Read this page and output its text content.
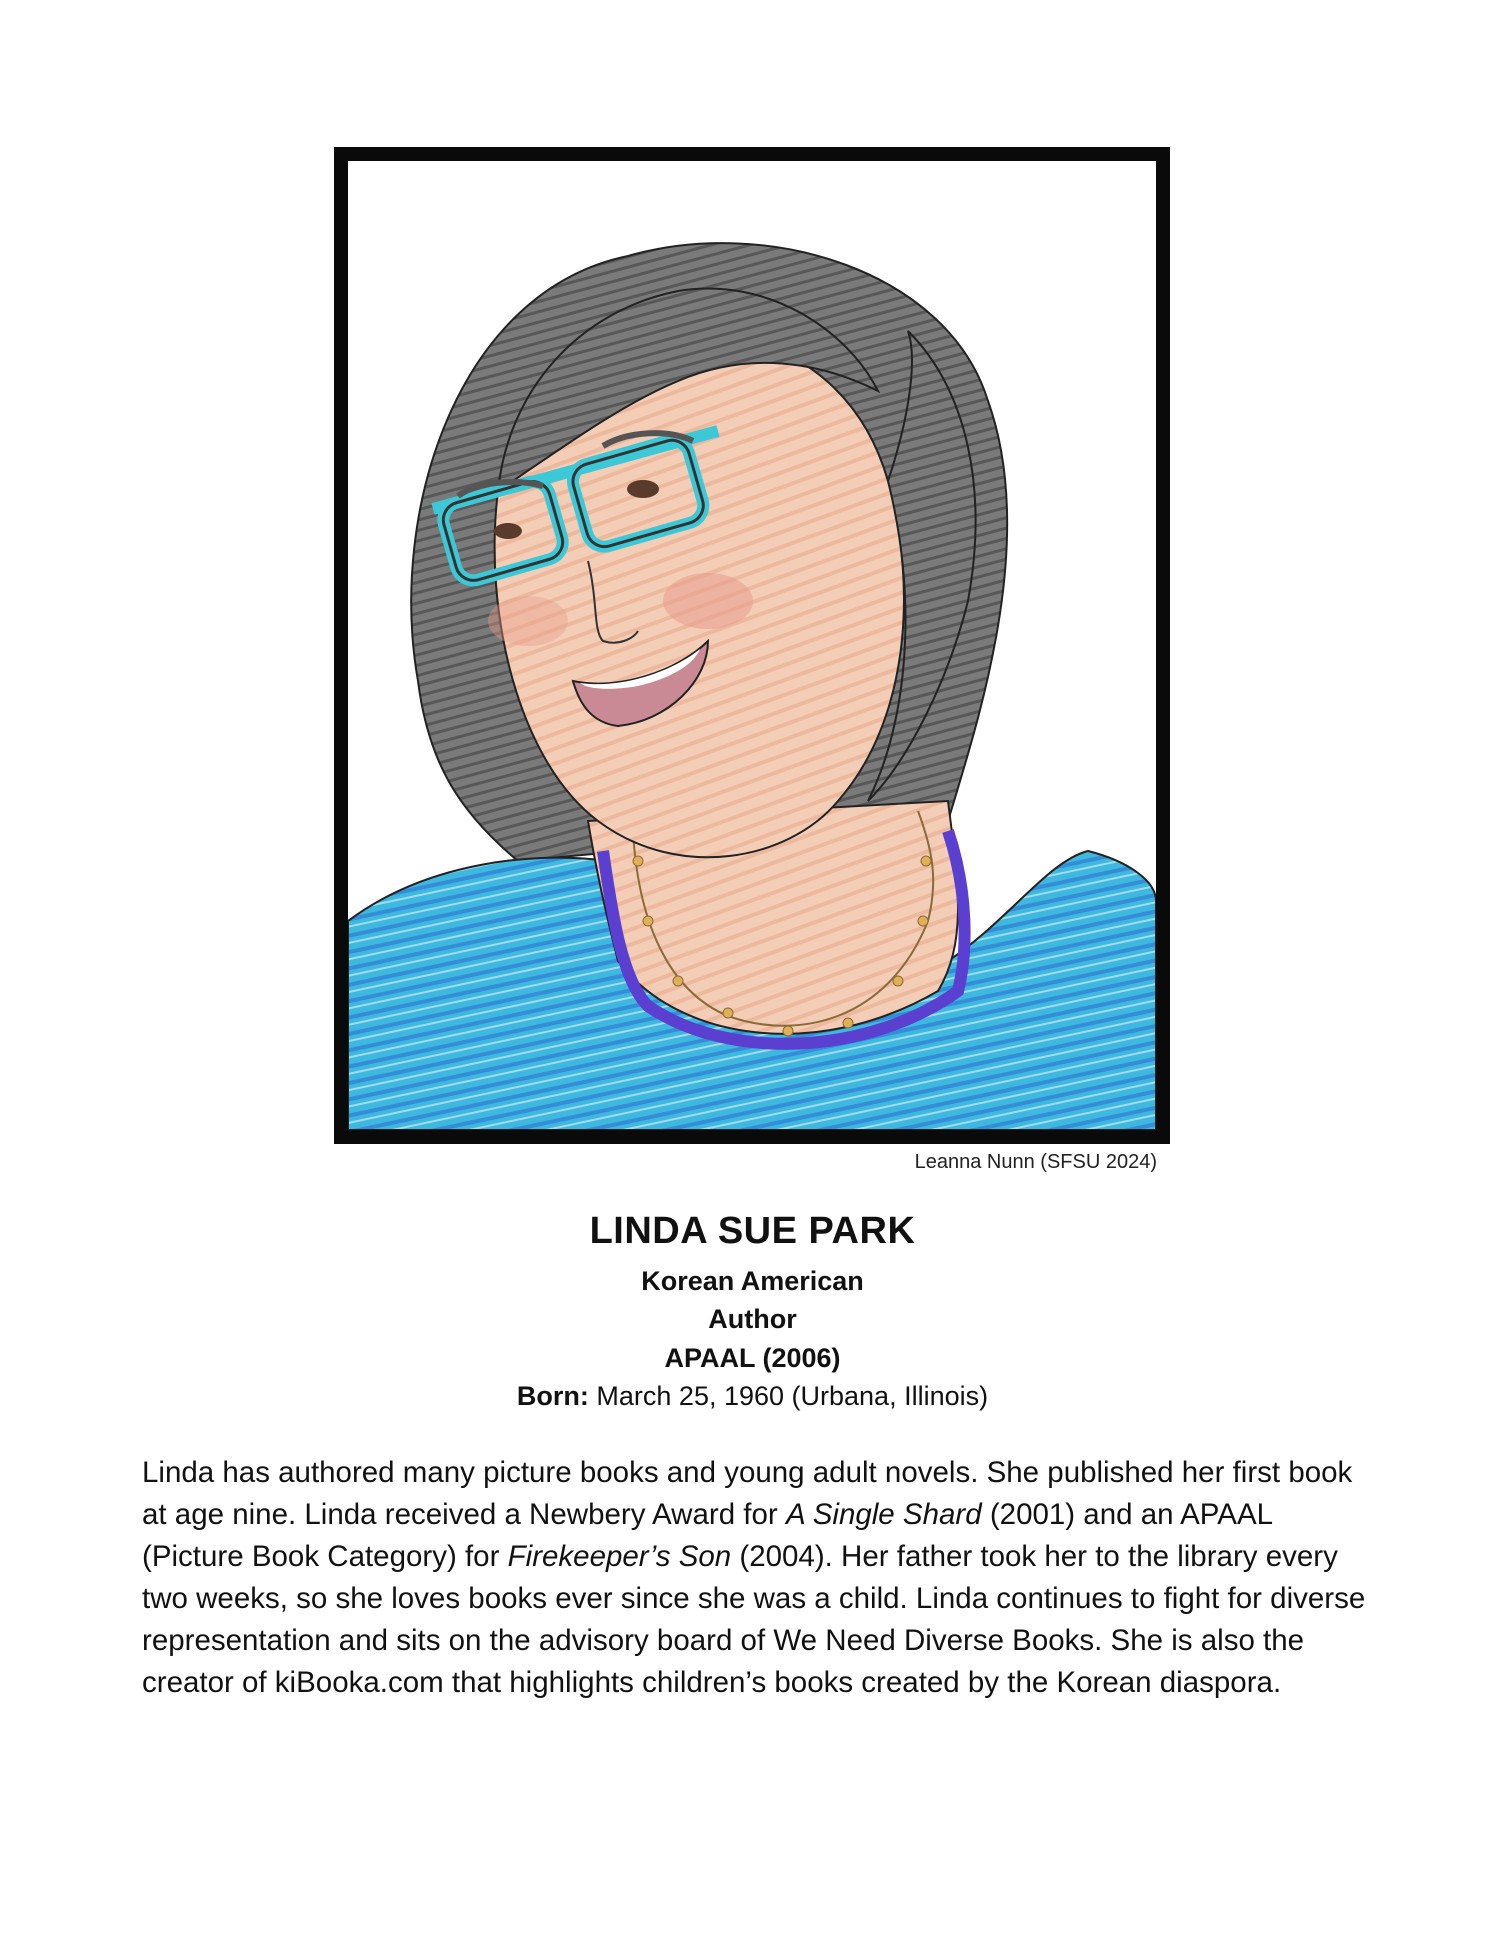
Leanna Nunn (SFSU 2024)
LINDA SUE PARK
Korean American
Author
APAAL (2006)
Born: March 25, 1960 (Urbana, Illinois)

Linda has authored many picture books and young adult novels. She published her first book at age nine. Linda received a Newbery Award for A Single Shard (2001) and an APAAL (Picture Book Category) for Firekeeper’s Son (2004). Her father took her to the library every two weeks, so she loves books ever since she was a child. Linda continues to fight for diverse representation and sits on the advisory board of We Need Diverse Books. She is also the creator of kiBooka.com that highlights children’s books created by the Korean diaspora.
